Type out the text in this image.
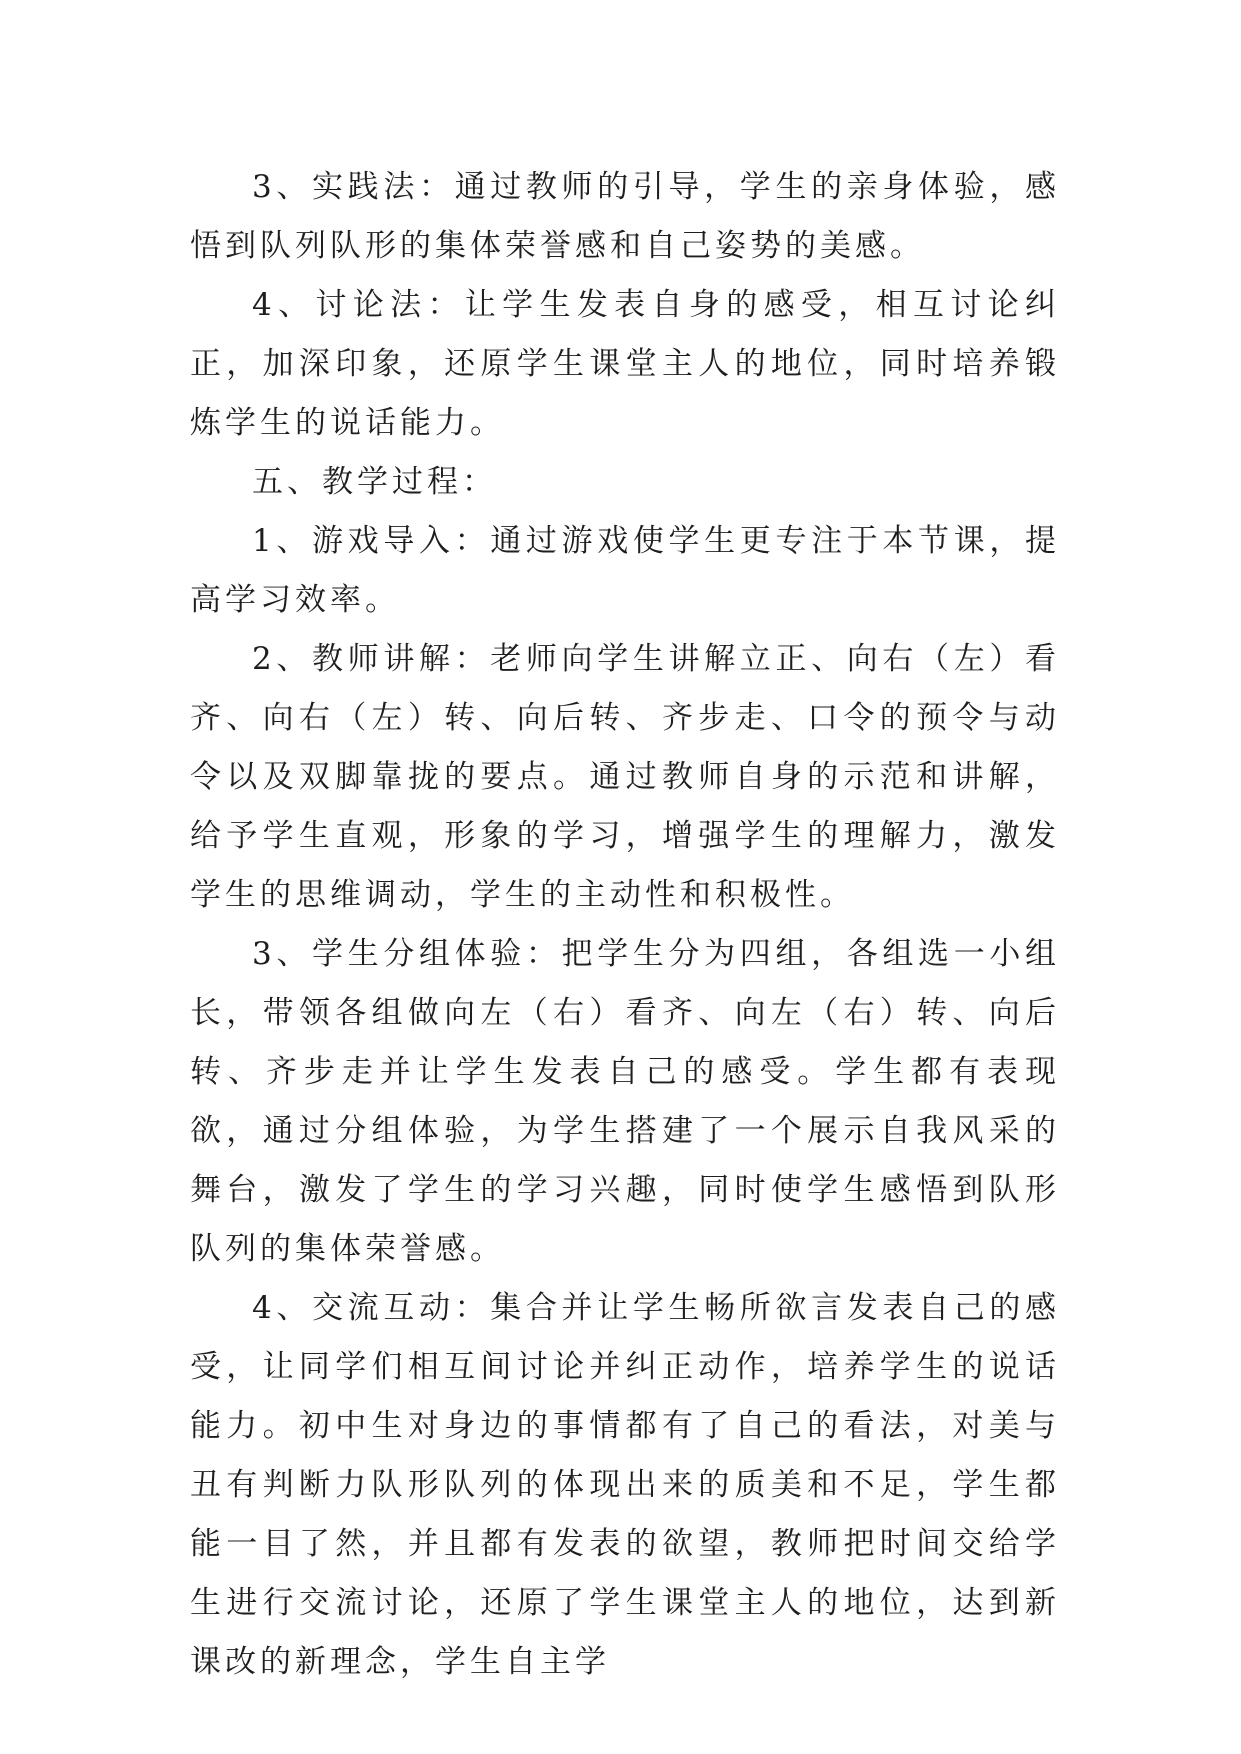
3、实践法：通过教师的引导，学生的亲身体验，感悟到队列队形的集体荣誉感和自己姿势的美感。

4、讨论法：让学生发表自身的感受，相互讨论纠正，加深印象，还原学生课堂主人的地位，同时培养锻炼学生的说话能力。

五、教学过程：

1、游戏导入：通过游戏使学生更专注于本节课，提高学习效率。

2、教师讲解：老师向学生讲解立正、向右（左）看齐、向右（左）转、向后转、齐步走、口令的预令与动令以及双脚靠拢的要点。通过教师自身的示范和讲解，给予学生直观，形象的学习，增强学生的理解力，激发学生的思维调动，学生的主动性和积极性。

3、学生分组体验：把学生分为四组，各组选一小组长，带领各组做向左（右）看齐、向左（右）转、向后转、齐步走并让学生发表自己的感受。学生都有表现欲，通过分组体验，为学生搭建了一个展示自我风采的舞台，激发了学生的学习兴趣，同时使学生感悟到队形队列的集体荣誉感。

4、交流互动：集合并让学生畅所欲言发表自己的感受，让同学们相互间讨论并纠正动作，培养学生的说话能力。初中生对身边的事情都有了自己的看法，对美与丑有判断力队形队列的体现出来的质美和不足，学生都能一目了然，并且都有发表的欲望，教师把时间交给学生进行交流讨论，还原了学生课堂主人的地位，达到新课改的新理念，学生自主学
